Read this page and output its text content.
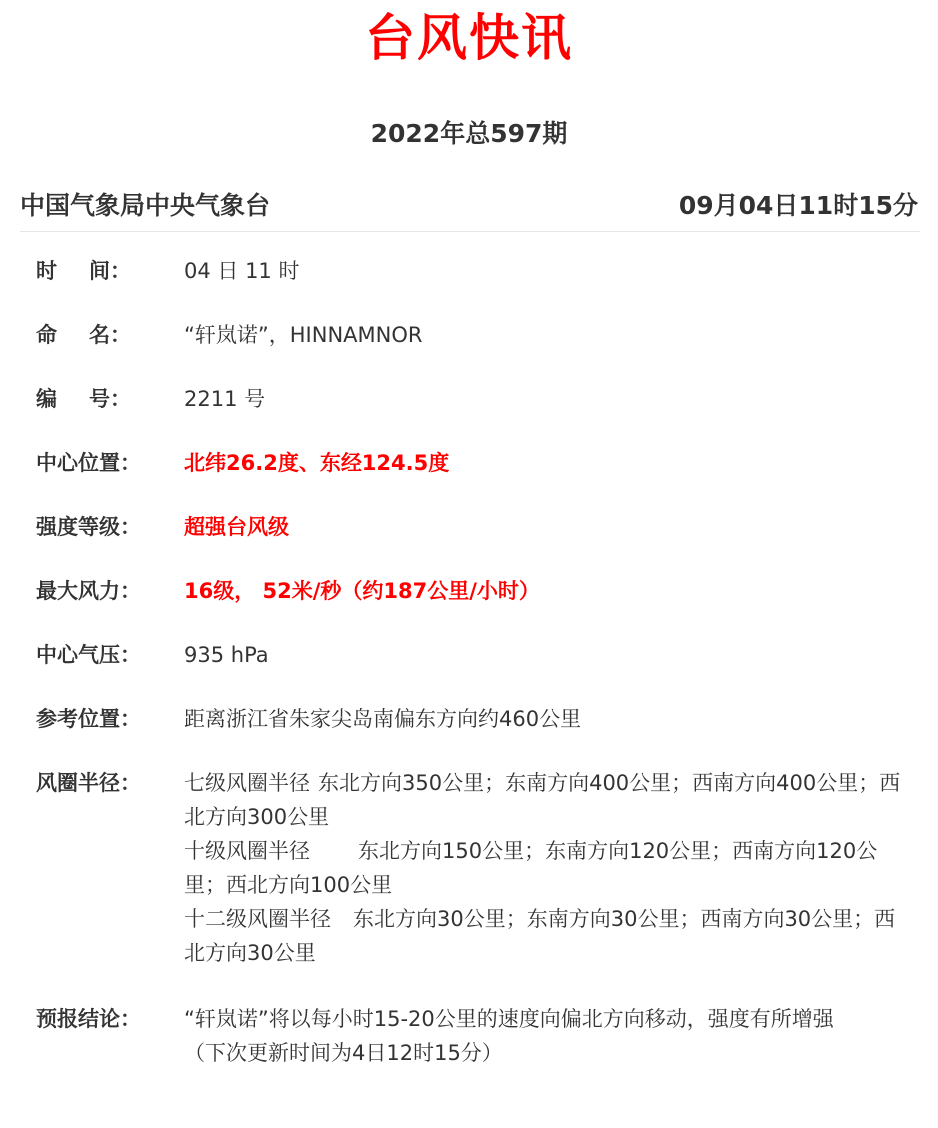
台风快讯
2022年总597期
中国气象局中央气象台	09月04日11时15分
时 间：	04 日 11 时
命 名：	“轩岚诺”，HINNAMNOR
编 号：	2211 号
中心位置：	北纬26.2度、东经124.5度
强度等级：	超强台风级
最大风力：	16级， 52米/秒（约187公里/小时）
中心气压：	935 hPa
参考位置：	距离浙江省朱家尖岛南偏东方向约460公里
风圈半径：	七级风圈半径 东北方向350公里；东南方向400公里；西南方向400公里；西北方向300公里
十级风圈半径 东北方向150公里；东南方向120公里；西南方向120公里；西北方向100公里
十二级风圈半径 东北方向30公里；东南方向30公里；西南方向30公里；西北方向30公里
预报结论：	“轩岚诺”将以每小时15-20公里的速度向偏北方向移动，强度有所增强
（下次更新时间为4日12时15分）
